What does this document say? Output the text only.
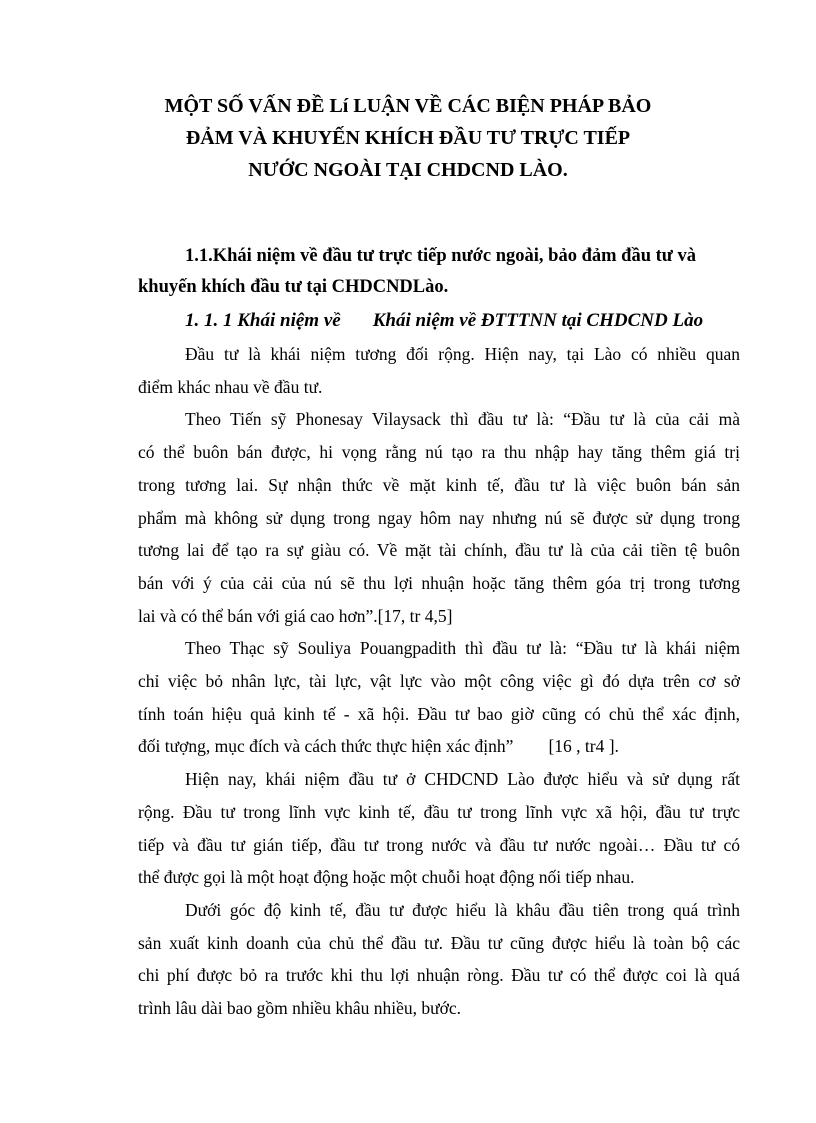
MỘT SỐ VẤN ĐỀ Lí LUẬN VỀ CÁC BIỆN PHÁP BẢO
ĐẢM VÀ KHUYẾN KHÍCH ĐẦU TƯ TRỰC TIẾP
NƯỚC NGOÀI TẠI CHDCND LÀO.
1.1.Khái niệm về đầu tư trực tiếp nước ngoài, bảo đảm đầu tư và
khuyến khích đầu tư tại CHDCNDLào.
1. 1. 1 Khái niệm về Khái niệm về ĐTTTNN tại CHDCND Lào
Đầu tư là khái niệm tương đối rộng. Hiện nay, tại Lào có nhiều quan
điểm khác nhau về đầu tư.
Theo Tiến sỹ Phonesay Vilaysack thì đầu tư là: “Đầu tư là của cải mà
có thể buôn bán được, hi vọng rằng nú tạo ra thu nhập hay tăng thêm giá trị
trong tương lai. Sự nhận thức về mặt kinh tế, đầu tư là việc buôn bán sản
phẩm mà không sử dụng trong ngay hôm nay nhưng nú sẽ được sử dụng trong
tương lai để tạo ra sự giàu có. Về mặt tài chính, đầu tư là của cải tiền tệ buôn
bán với ý của cải của nú sẽ thu lợi nhuận hoặc tăng thêm góa trị trong tương
lai và có thể bán với giá cao hơn”.[17, tr 4,5]
Theo Thạc sỹ Souliya Pouangpadith thì đầu tư là: “Đầu tư là khái niệm
chỉ việc bỏ nhân lực, tài lực, vật lực vào một công việc gì đó dựa trên cơ sở
tính toán hiệu quả kinh tế - xã hội. Đầu tư bao giờ cũng có chủ thể xác định,
đối tượng, mục đích và cách thức thực hiện xác định”        [16 , tr4 ].
Hiện nay, khái niệm đầu tư ở CHDCND Lào được hiểu và sử dụng rất
rộng. Đầu tư trong lĩnh vực kinh tế, đầu tư trong lĩnh vực xã hội, đầu tư trực
tiếp và đầu tư gián tiếp, đầu tư trong nước và đầu tư nước ngoài… Đầu tư có
thể được gọi là một hoạt động hoặc một chuỗi hoạt động nối tiếp nhau.
Dưới góc độ kinh tế, đầu tư được hiểu là khâu đầu tiên trong quá trình
sản xuất kinh doanh của chủ thể đầu tư. Đầu tư cũng được hiểu là toàn bộ các
chi phí được bỏ ra trước khi thu lợi nhuận ròng. Đầu tư có thể được coi là quá
trình lâu dài bao gồm nhiều khâu nhiều, bước.
